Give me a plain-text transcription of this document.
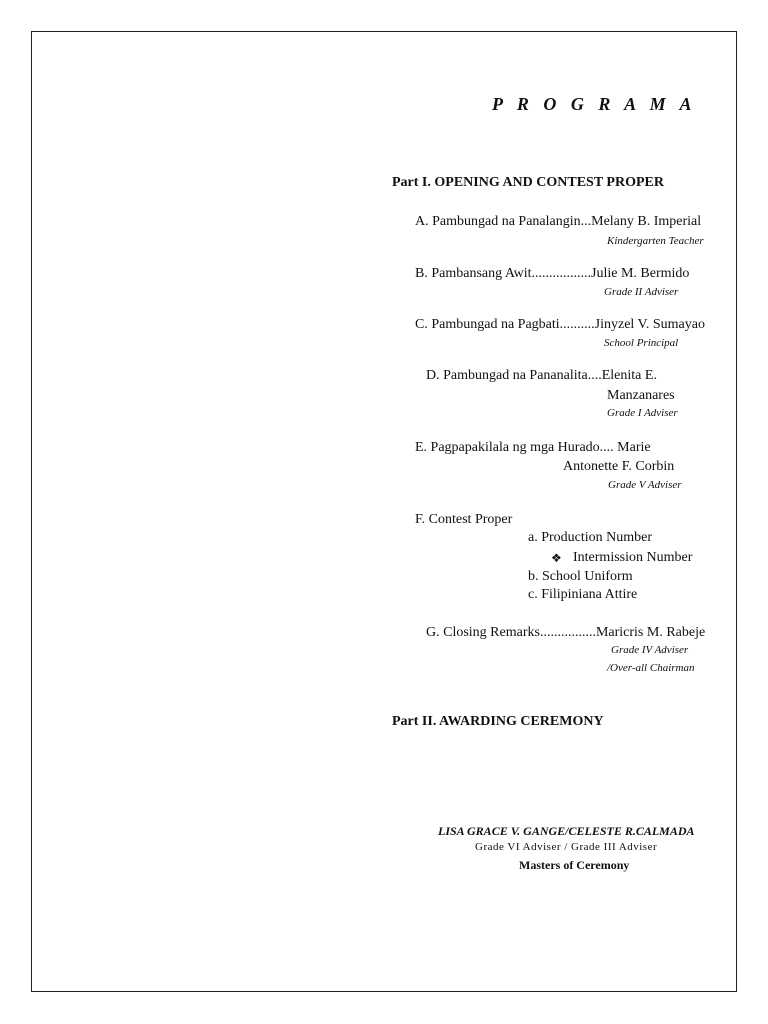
P R O G R A M A
Part I. OPENING AND CONTEST PROPER
A. Pambungad na Panalangin...Melany B. Imperial
Kindergarten Teacher
B. Pambansang Awit.................Julie M. Bermido
Grade II Adviser
C. Pambungad na Pagbati..........Jinyzel V. Sumayao
School Principal
D. Pambungad na Pananalita....Elenita E.
Manzanares
Grade I Adviser
E. Pagpapakilala ng mga Hurado.... Marie
Antonette F. Corbin
Grade V Adviser
F. Contest Proper
a. Production Number
❖ Intermission Number
b. School Uniform
c. Filipiniana Attire
G. Closing Remarks................Maricris M. Rabeje
Grade IV Adviser
/Over-all Chairman
Part II. AWARDING CEREMONY
LISA GRACE V. GANGE/CELESTE R.CALMADA
Grade VI Adviser / Grade III Adviser
Masters of Ceremony
